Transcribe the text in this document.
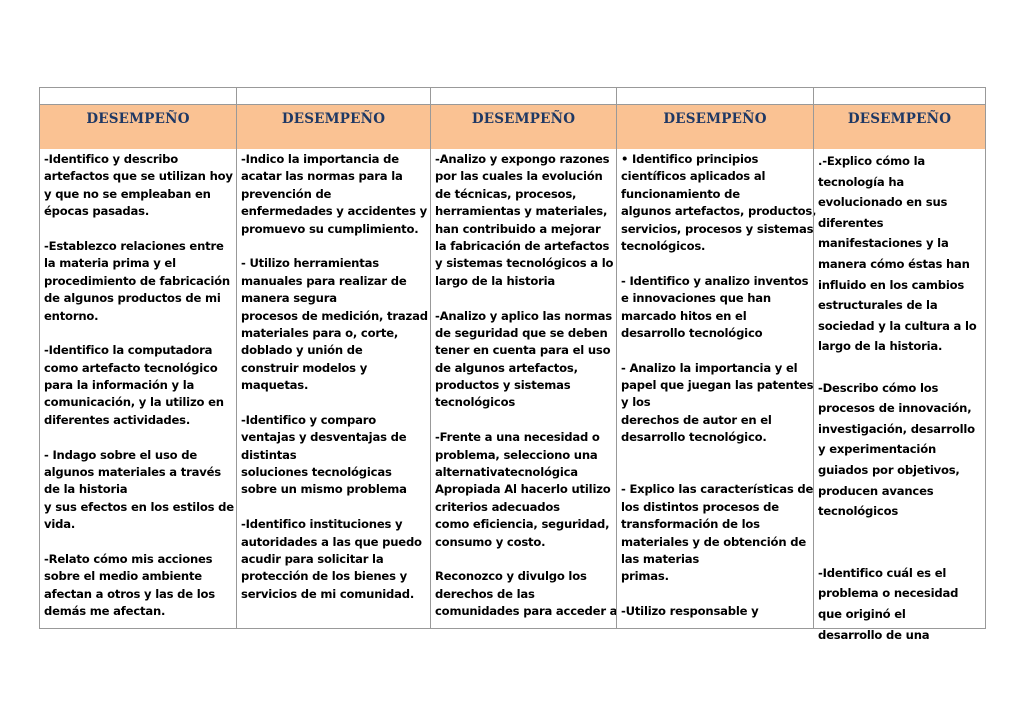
DESEMPEÑO
-Identifico y describo
artefactos que se utilizan hoy
y que no se empleaban en
épocas pasadas.
-Establezco relaciones entre
la materia prima y el
procedimiento de fabricación
de algunos productos de mi
entorno.
-Identifico la computadora
como artefacto tecnológico
para la información y la
comunicación, y la utilizo en
diferentes actividades.
- Indago sobre el uso de
algunos materiales a través
de la historia
y sus efectos en los estilos de
vida.
-Relato cómo mis acciones
sobre el medio ambiente
afectan a otros y las de los
demás me afectan.
DESEMPEÑO
-Indico la importancia de
acatar las normas para la
prevención de
enfermedades y accidentes y
promuevo su cumplimiento.
- Utilizo herramientas
manuales para realizar de
manera segura
procesos de medición, trazad
materiales para o, corte,
doblado y unión de
construir modelos y
maquetas.
-Identifico y comparo
ventajas y desventajas de
distintas
soluciones tecnológicas
sobre un mismo problema
-Identifico instituciones y
autoridades a las que puedo
acudir para solicitar la
protección de los bienes y
servicios de mi comunidad.
DESEMPEÑO
-Analizo y expongo razones
por las cuales la evolución
de técnicas, procesos,
herramientas y materiales,
han contribuido a mejorar
la fabricación de artefactos
y sistemas tecnológicos a lo
largo de la historia
-Analizo y aplico las normas
de seguridad que se deben
tener en cuenta para el uso
de algunos artefactos,
productos y sistemas
tecnológicos
-Frente a una necesidad o
problema, selecciono una
alternativatecnológica
Apropiada Al hacerlo utilizo
criterios adecuados
como eficiencia, seguridad,
consumo y costo.
Reconozco y divulgo los
derechos de las
comunidades para acceder a
DESEMPEÑO
• Identifico principios
científicos aplicados al
funcionamiento de
algunos artefactos, productos,
servicios, procesos y sistemas
tecnológicos.
- Identifico y analizo inventos
e innovaciones que han
marcado hitos en el
desarrollo tecnológico
- Analizo la importancia y el
papel que juegan las patentes
y los
derechos de autor en el
desarrollo tecnológico.
- Explico las características de
los distintos procesos de
transformación de los
materiales y de obtención de
las materias
primas.
-Utilizo responsable y
DESEMPEÑO
.-Explico cómo la
tecnología ha
evolucionado en sus
diferentes
manifestaciones y la
manera cómo éstas han
influido en los cambios
estructurales de la
sociedad y la cultura a lo
largo de la historia.
-Describo cómo los
procesos de innovación,
investigación, desarrollo
y experimentación
guiados por objetivos,
producen avances
tecnológicos
-Identifico cuál es el
problema o necesidad
que originó el
desarrollo de una
